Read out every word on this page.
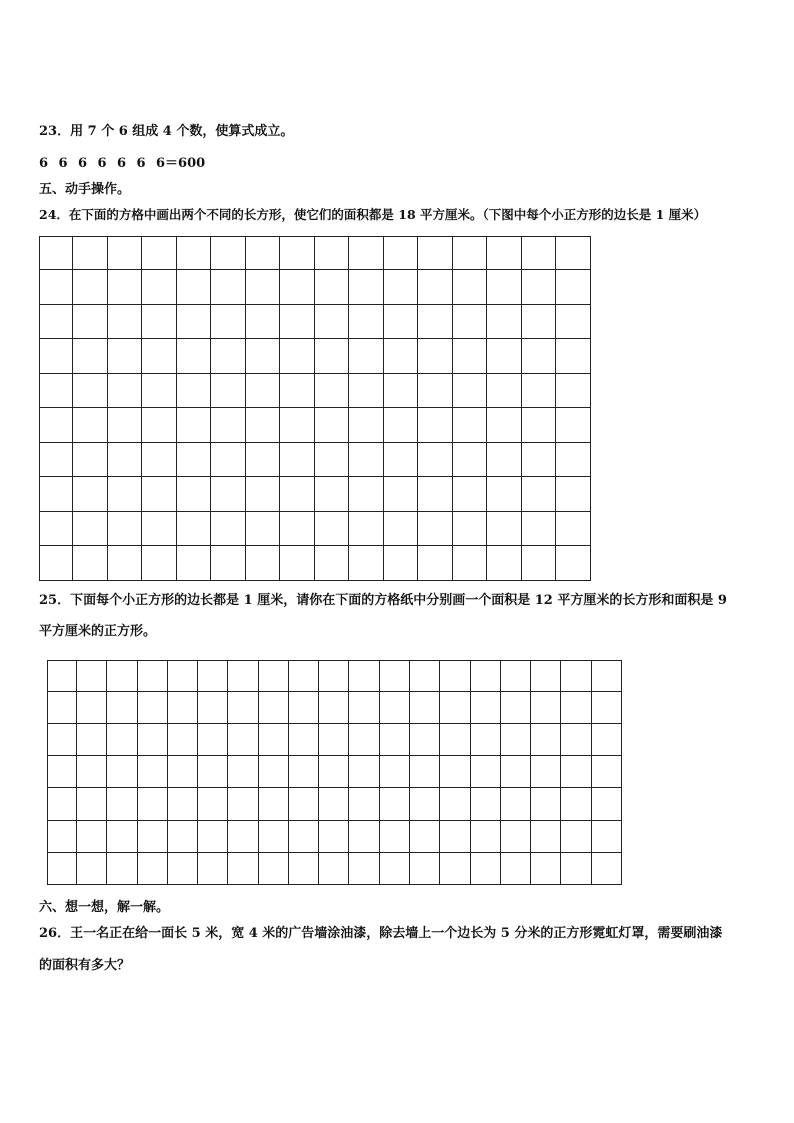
23．用 7 个 6 组成 4 个数，使算式成立。
6 6 6 6 6 6 6＝600
五、动手操作。
24．在下面的方格中画出两个不同的长方形，使它们的面积都是 18 平方厘米。（下图中每个小正方形的边长是 1 厘米）
25．下面每个小正方形的边长都是 1 厘米，请你在下面的方格纸中分别画一个面积是 12 平方厘米的长方形和面积是 9
平方厘米的正方形。
六、想一想，解一解。
26．王一名正在给一面长 5 米，宽 4 米的广告墙涂油漆，除去墙上一个边长为 5 分米的正方形霓虹灯罩，需要刷油漆
的面积有多大？
